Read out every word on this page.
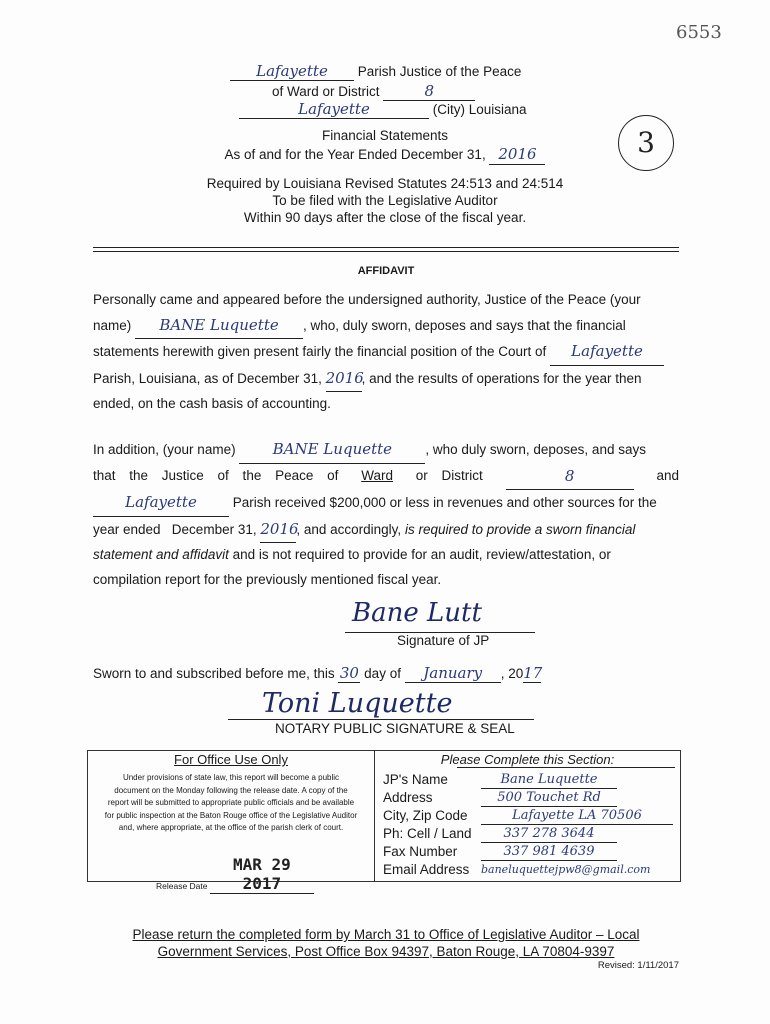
6553
3
Lafayette Parish Justice of the Peace
of Ward or District	8
Lafayette	(City) Louisiana
Financial Statements
As of and for the Year Ended December 31, 2016
Required by Louisiana Revised Statutes 24:513 and 24:514
To be filed with the Legislative Auditor
Within 90 days after the close of the fiscal year.
AFFIDAVIT
Personally came and appeared before the undersigned authority, Justice of the Peace (your
name) BANE Luquette , who, duly sworn, deposes and says that the financial
statements herewith given present fairly the financial position of the Court of Lafayette
Parish, Louisiana, as of December 31, 2016, and the results of operations for the year then
ended, on the cash basis of accounting.
In addition, (your name) BANE Luquette , who duly sworn, deposes, and says
that the Justice of the Peace of Ward or District	8	and
Lafayette	Parish received $200,000 or less in revenues and other sources for the
year ended   December 31, 2016, and accordingly, is required to provide a sworn financial
statement and affidavit and is not required to provide for an audit, review/attestation, or
compilation report for the previously mentioned fiscal year.
Bane Lutt
Signature of JP
Sworn to and subscribed before me, this 30 day of January , 2017
Toni Luquette
NOTARY PUBLIC SIGNATURE & SEAL
For Office Use Only
Under provisions of state law, this report will become a public
document on the Monday following the release date. A copy of the
report will be submitted to appropriate public officials and be available
for public inspection at the Baton Rouge office of the Legislative Auditor
and, where appropriate, at the office of the parish clerk of court.
Release Date MAR 29 2017
Please Complete this Section:
JP's Name	Bane Luquette
Address	500 Touchet Rd
City, Zip Code	Lafayette LA 70506
Ph: Cell / Land	337 278 3644
Fax Number	337 981 4639
Email Address	baneluquettejpw8@gmail.com
Please return the completed form by March 31 to Office of Legislative Auditor – Local
Government Services, Post Office Box 94397, Baton Rouge, LA 70804-9397
Revised: 1/11/2017
